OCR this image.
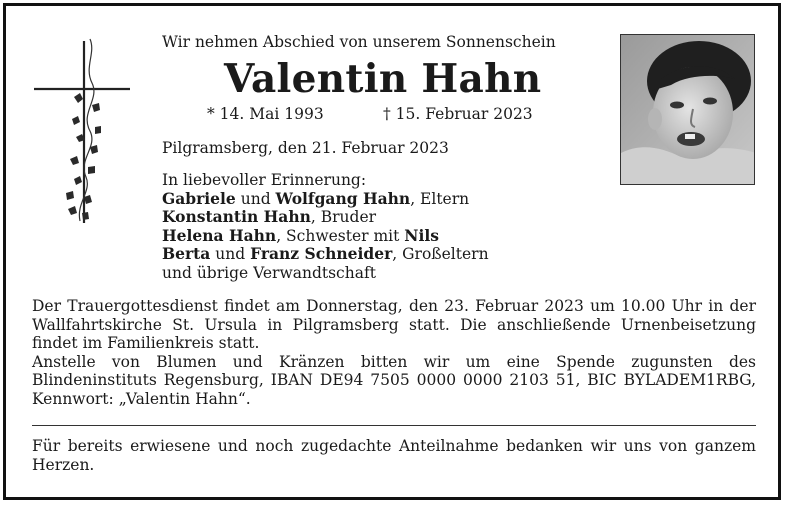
Wir nehmen Abschied von unserem Sonnenschein

Valentin Hahn
* 14. Mai 1993	† 15. Februar 2023
Pilgramsberg, den 21. Februar 2023
In liebevoller Erinnerung:
Gabriele und Wolfgang Hahn, Eltern
Konstantin Hahn, Bruder
Helena Hahn, Schwester mit Nils
Berta und Franz Schneider, Großeltern
und übrige Verwandtschaft

Der Trauergottesdienst findet am Donnerstag, den 23. Februar 2023 um 10.00 Uhr in der Wallfahrtskirche St. Ursula in Pilgramsberg statt. Die anschließende Urnenbeisetzung findet im Familienkreis statt.

Anstelle von Blumen und Kränzen bitten wir um eine Spende zugunsten des Blindeninstituts Regensburg, IBAN DE94 7505 0000 0000 2103 51, BIC BYLADEM1RBG, Kennwort: „Valentin Hahn“.

Für bereits erwiesene und noch zugedachte Anteilnahme bedanken wir uns von ganzem Herzen.
